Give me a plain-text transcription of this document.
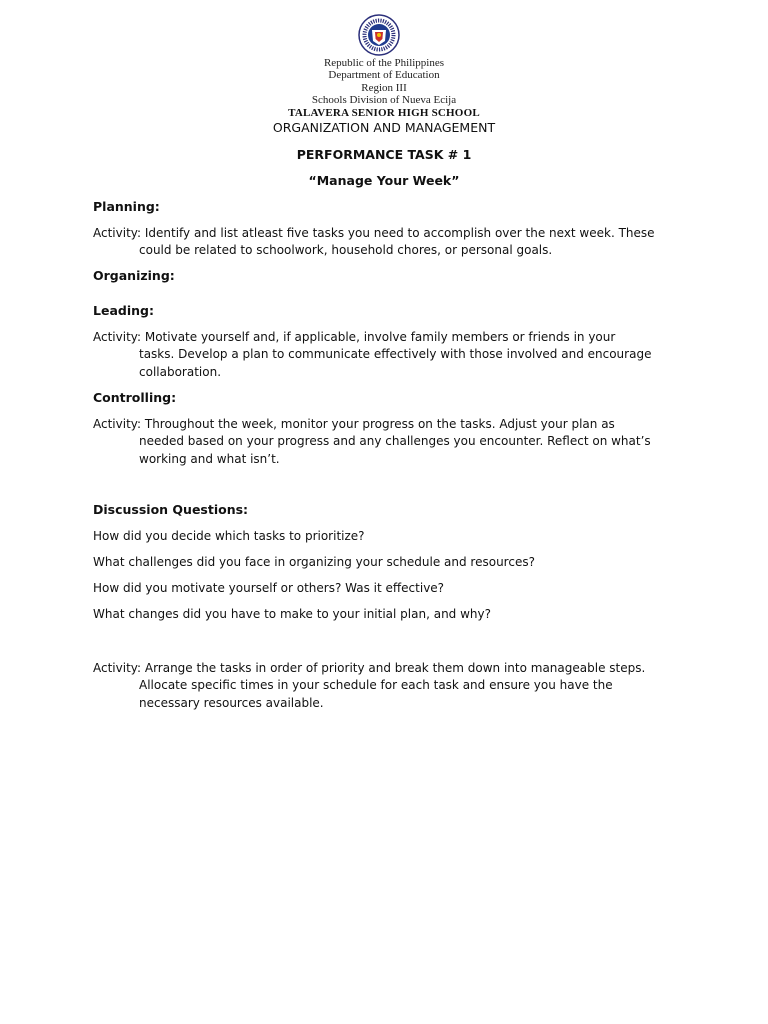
Republic of the Philippines
Department of Education
Region III
Schools Division of Nueva Ecija
TALAVERA SENIOR HIGH SCHOOL
ORGANIZATION AND MANAGEMENT
PERFORMANCE TASK # 1
“Manage Your Week”
Planning:
Activity: Identify and list atleast five tasks you need to accomplish over the next week. These
could be related to schoolwork, household chores, or personal goals.
Organizing:
Leading:
Activity: Motivate yourself and, if applicable, involve family members or friends in your
tasks. Develop a plan to communicate effectively with those involved and encourage
collaboration.
Controlling:
Activity: Throughout the week, monitor your progress on the tasks. Adjust your plan as
needed based on your progress and any challenges you encounter. Reflect on what’s
working and what isn’t.
Discussion Questions:
How did you decide which tasks to prioritize?
What challenges did you face in organizing your schedule and resources?
How did you motivate yourself or others? Was it effective?
What changes did you have to make to your initial plan, and why?
Activity: Arrange the tasks in order of priority and break them down into manageable steps.
Allocate specific times in your schedule for each task and ensure you have the
necessary resources available.
